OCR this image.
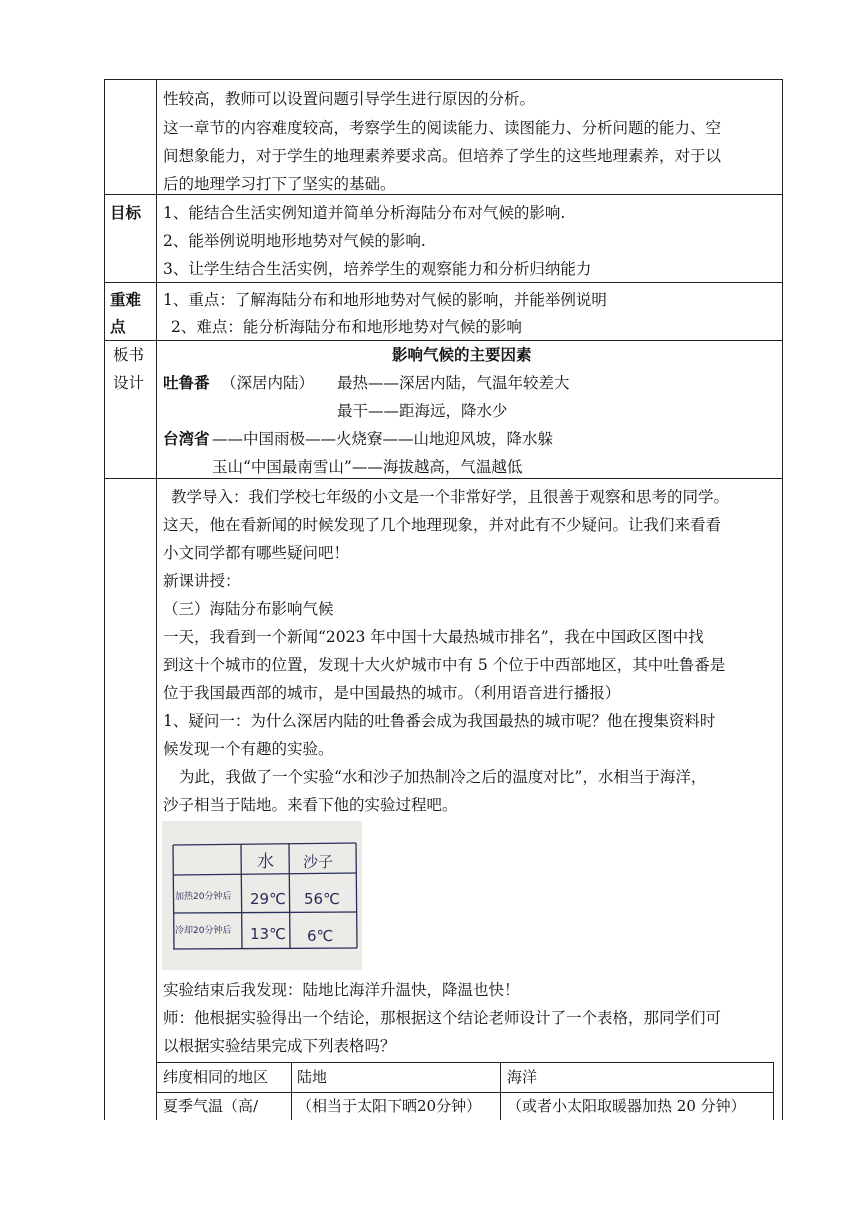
性较高，教师可以设置问题引导学生进行原因的分析。
这一章节的内容难度较高，考察学生的阅读能力、读图能力、分析问题的能力、空
间想象能力，对于学生的地理素养要求高。但培养了学生的这些地理素养，对于以
后的地理学习打下了坚实的基础。
目标 1、能结合生活实例知道并简单分析海陆分布对气候的影响.
2、能举例说明地形地势对气候的影响.
3、让学生结合生活实例，培养学生的观察能力和分析归纳能力
重难
点
1、重点：了解海陆分布和地形地势对气候的影响，并能举例说明
2、难点：能分析海陆分布和地形地势对气候的影响
板书
设计
影响气候的主要因素
吐鲁番 （深居内陆） 最热——深居内陆，气温年较差大
最干——距海远，降水少
台湾省 ——中国雨极——火烧寮——山地迎风坡，降水躲
玉山“中国最南雪山”——海拔越高，气温越低
教学导入：我们学校七年级的小文是一个非常好学，且很善于观察和思考的同学。
这天，他在看新闻的时候发现了几个地理现象，并对此有不少疑问。让我们来看看
小文同学都有哪些疑问吧！
新课讲授：
（三）海陆分布影响气候
一天，我看到一个新闻“2023 年中国十大最热城市排名”，我在中国政区图中找
到这十个城市的位置，发现十大火炉城市中有 5 个位于中西部地区，其中吐鲁番是
位于我国最西部的城市，是中国最热的城市。（利用语音进行播报）
1、疑问一：为什么深居内陆的吐鲁番会成为我国最热的城市呢？他在搜集资料时
候发现一个有趣的实验。
为此，我做了一个实验“水和沙子加热制冷之后的温度对比”，水相当于海洋，
沙子相当于陆地。来看下他的实验过程吧。
水 沙子
加热20分钟后
冷却20分钟后
29℃ 56℃
13℃ 6℃
实验结束后我发现：陆地比海洋升温快，降温也快！
师：他根据实验得出一个结论，那根据这个结论老师设计了一个表格，那同学们可
以根据实验结果完成下列表格吗？
纬度相同的地区 陆地	海洋
夏季气温（高/	（相当于太阳下晒20分钟） （或者小太阳取暖器加热 20 分钟）
